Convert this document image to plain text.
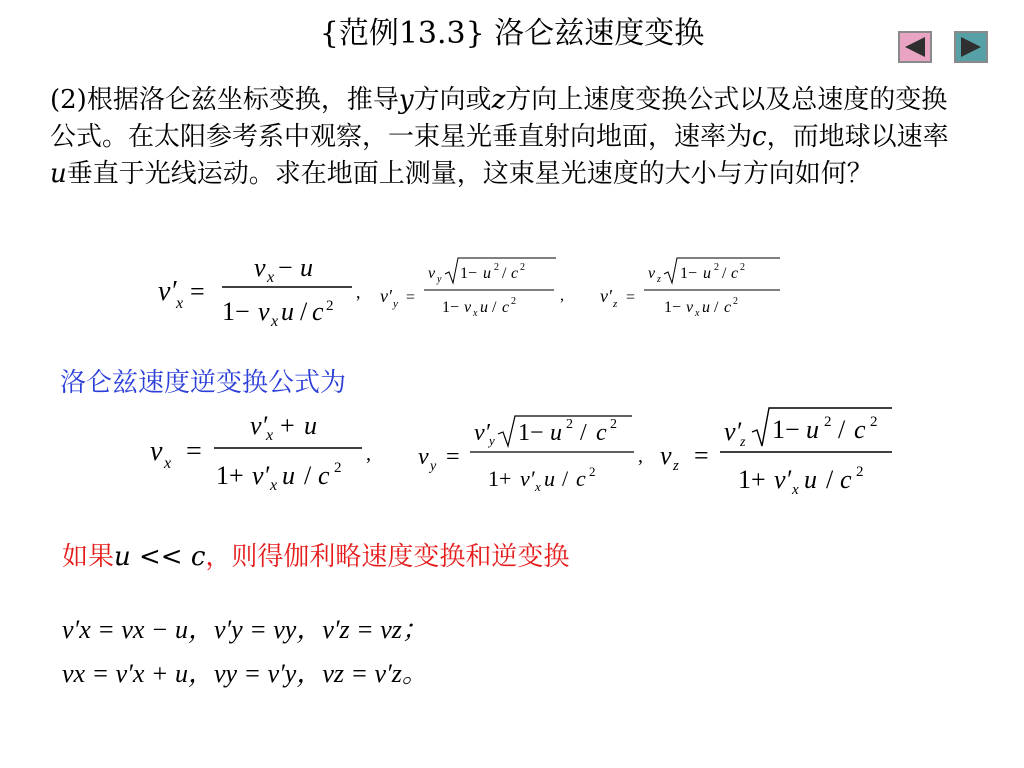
{范例13.3} 洛仑兹速度变换
(2)根据洛仑兹坐标变换，推导y方向或z方向上速度变换公式以及总速度的变换公式。在太阳参考系中观察，一束星光垂直射向地面，速率为c，而地球以速率u垂直于光线运动。求在地面上测量，这束星光速度的大小与方向如何？
v′ x =
v x − u
1− v x u / c 2
, v′ y =
v y 1− u 2 / c 2
1− v x u / c 2	, v′ z =
v z 1− u 2 / c 2
1− v x u / c 2
洛仑兹速度逆变换公式为
v x =
v′
x + u
1+ v′ x u / c 2
, v y =
v′ y 1− u 2 / c 2
1+ v′ x u / c 2
, v z =
v′
z 1− u 2 / c 2
1+ v′ x u / c 2
如果u << c，则得伽利略速度变换和逆变换
v′x = vx − u，v′y = vy，v′z = vz；
vx = v′x + u，vy = v′y，vz = v′z。
